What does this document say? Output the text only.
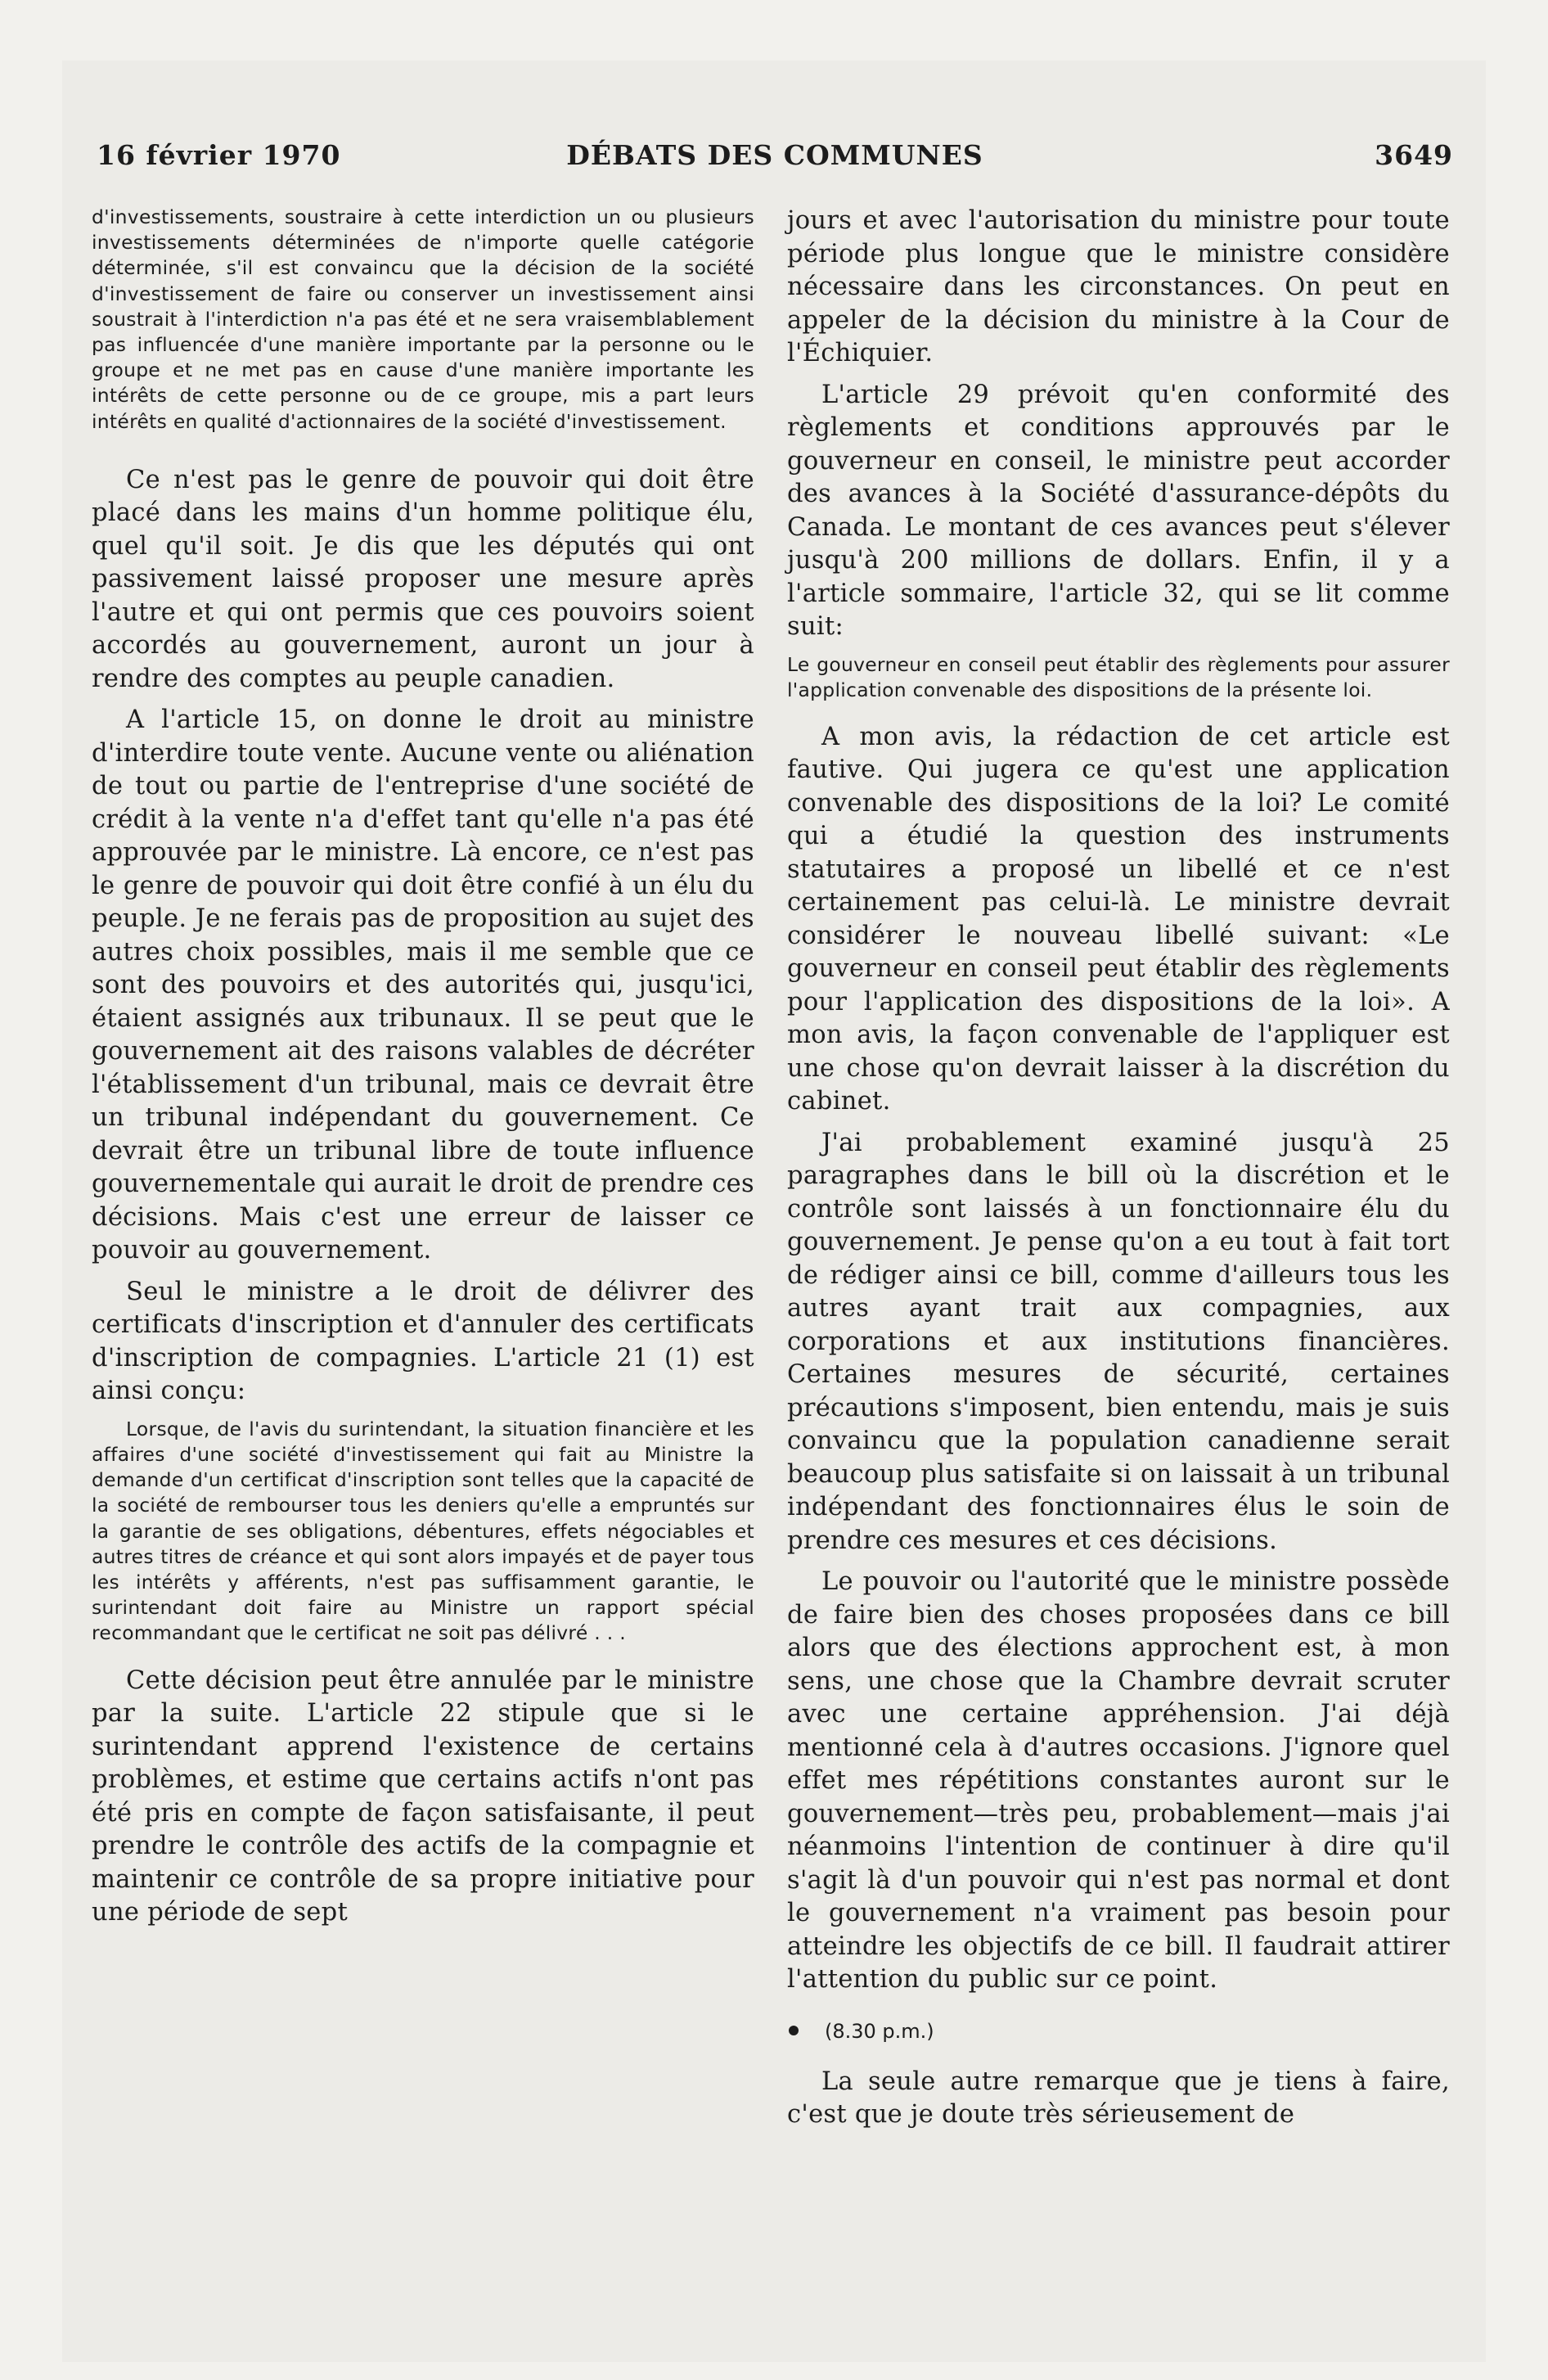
16 février 1970	DÉBATS DES COMMUNES	3649

d'investissements, soustraire à cette interdiction un ou plusieurs investissements déterminées de n'importe quelle catégorie déterminée, s'il est convaincu que la décision de la société d'investissement de faire ou conserver un investissement ainsi soustrait à l'interdiction n'a pas été et ne sera vraisemblablement pas influencée d'une manière importante par la personne ou le groupe et ne met pas en cause d'une manière importante les intérêts de cette personne ou de ce groupe, mis a part leurs intérêts en qualité d'actionnaires de la société d'investissement.

Ce n'est pas le genre de pouvoir qui doit être placé dans les mains d'un homme politique élu, quel qu'il soit. Je dis que les députés qui ont passivement laissé proposer une mesure après l'autre et qui ont permis que ces pouvoirs soient accordés au gouvernement, auront un jour à rendre des comptes au peuple canadien.

A l'article 15, on donne le droit au ministre d'interdire toute vente. Aucune vente ou aliénation de tout ou partie de l'entreprise d'une société de crédit à la vente n'a d'effet tant qu'elle n'a pas été approuvée par le ministre. Là encore, ce n'est pas le genre de pouvoir qui doit être confié à un élu du peuple. Je ne ferais pas de proposition au sujet des autres choix possibles, mais il me semble que ce sont des pouvoirs et des autorités qui, jusqu'ici, étaient assignés aux tribunaux. Il se peut que le gouvernement ait des raisons valables de décréter l'établissement d'un tribunal, mais ce devrait être un tribunal indépendant du gouvernement. Ce devrait être un tribunal libre de toute influence gouvernementale qui aurait le droit de prendre ces décisions. Mais c'est une erreur de laisser ce pouvoir au gouvernement.

Seul le ministre a le droit de délivrer des certificats d'inscription et d'annuler des certificats d'inscription de compagnies. L'article 21 (1) est ainsi conçu:

Lorsque, de l'avis du surintendant, la situation financière et les affaires d'une société d'investissement qui fait au Ministre la demande d'un certificat d'inscription sont telles que la capacité de la société de rembourser tous les deniers qu'elle a empruntés sur la garantie de ses obligations, débentures, effets négociables et autres titres de créance et qui sont alors impayés et de payer tous les intérêts y afférents, n'est pas suffisamment garantie, le surintendant doit faire au Ministre un rapport spécial recommandant que le certificat ne soit pas délivré . . .

Cette décision peut être annulée par le ministre par la suite. L'article 22 stipule que si le surintendant apprend l'existence de certains problèmes, et estime que certains actifs n'ont pas été pris en compte de façon satisfaisante, il peut prendre le contrôle des actifs de la compagnie et maintenir ce contrôle de sa propre initiative pour une période de sept

jours et avec l'autorisation du ministre pour toute période plus longue que le ministre considère nécessaire dans les circonstances. On peut en appeler de la décision du ministre à la Cour de l'Échiquier.

L'article 29 prévoit qu'en conformité des règlements et conditions approuvés par le gouverneur en conseil, le ministre peut accorder des avances à la Société d'assurance-dépôts du Canada. Le montant de ces avances peut s'élever jusqu'à 200 millions de dollars. Enfin, il y a l'article sommaire, l'article 32, qui se lit comme suit:

Le gouverneur en conseil peut établir des règlements pour assurer l'application convenable des dispositions de la présente loi.

A mon avis, la rédaction de cet article est fautive. Qui jugera ce qu'est une application convenable des dispositions de la loi? Le comité qui a étudié la question des instruments statutaires a proposé un libellé et ce n'est certainement pas celui-là. Le ministre devrait considérer le nouveau libellé suivant: «Le gouverneur en conseil peut établir des règlements pour l'application des dispositions de la loi». A mon avis, la façon convenable de l'appliquer est une chose qu'on devrait laisser à la discrétion du cabinet.

J'ai probablement examiné jusqu'à 25 paragraphes dans le bill où la discrétion et le contrôle sont laissés à un fonctionnaire élu du gouvernement. Je pense qu'on a eu tout à fait tort de rédiger ainsi ce bill, comme d'ailleurs tous les autres ayant trait aux compagnies, aux corporations et aux institutions financières. Certaines mesures de sécurité, certaines précautions s'imposent, bien entendu, mais je suis convaincu que la population canadienne serait beaucoup plus satisfaite si on laissait à un tribunal indépendant des fonctionnaires élus le soin de prendre ces mesures et ces décisions.

Le pouvoir ou l'autorité que le ministre possède de faire bien des choses proposées dans ce bill alors que des élections approchent est, à mon sens, une chose que la Chambre devrait scruter avec une certaine appréhension. J'ai déjà mentionné cela à d'autres occasions. J'ignore quel effet mes répétitions constantes auront sur le gouvernement—très peu, probablement—mais j'ai néanmoins l'intention de continuer à dire qu'il s'agit là d'un pouvoir qui n'est pas normal et dont le gouvernement n'a vraiment pas besoin pour atteindre les objectifs de ce bill. Il faudrait attirer l'attention du public sur ce point.

(8.30 p.m.)

La seule autre remarque que je tiens à faire, c'est que je doute très sérieusement de
